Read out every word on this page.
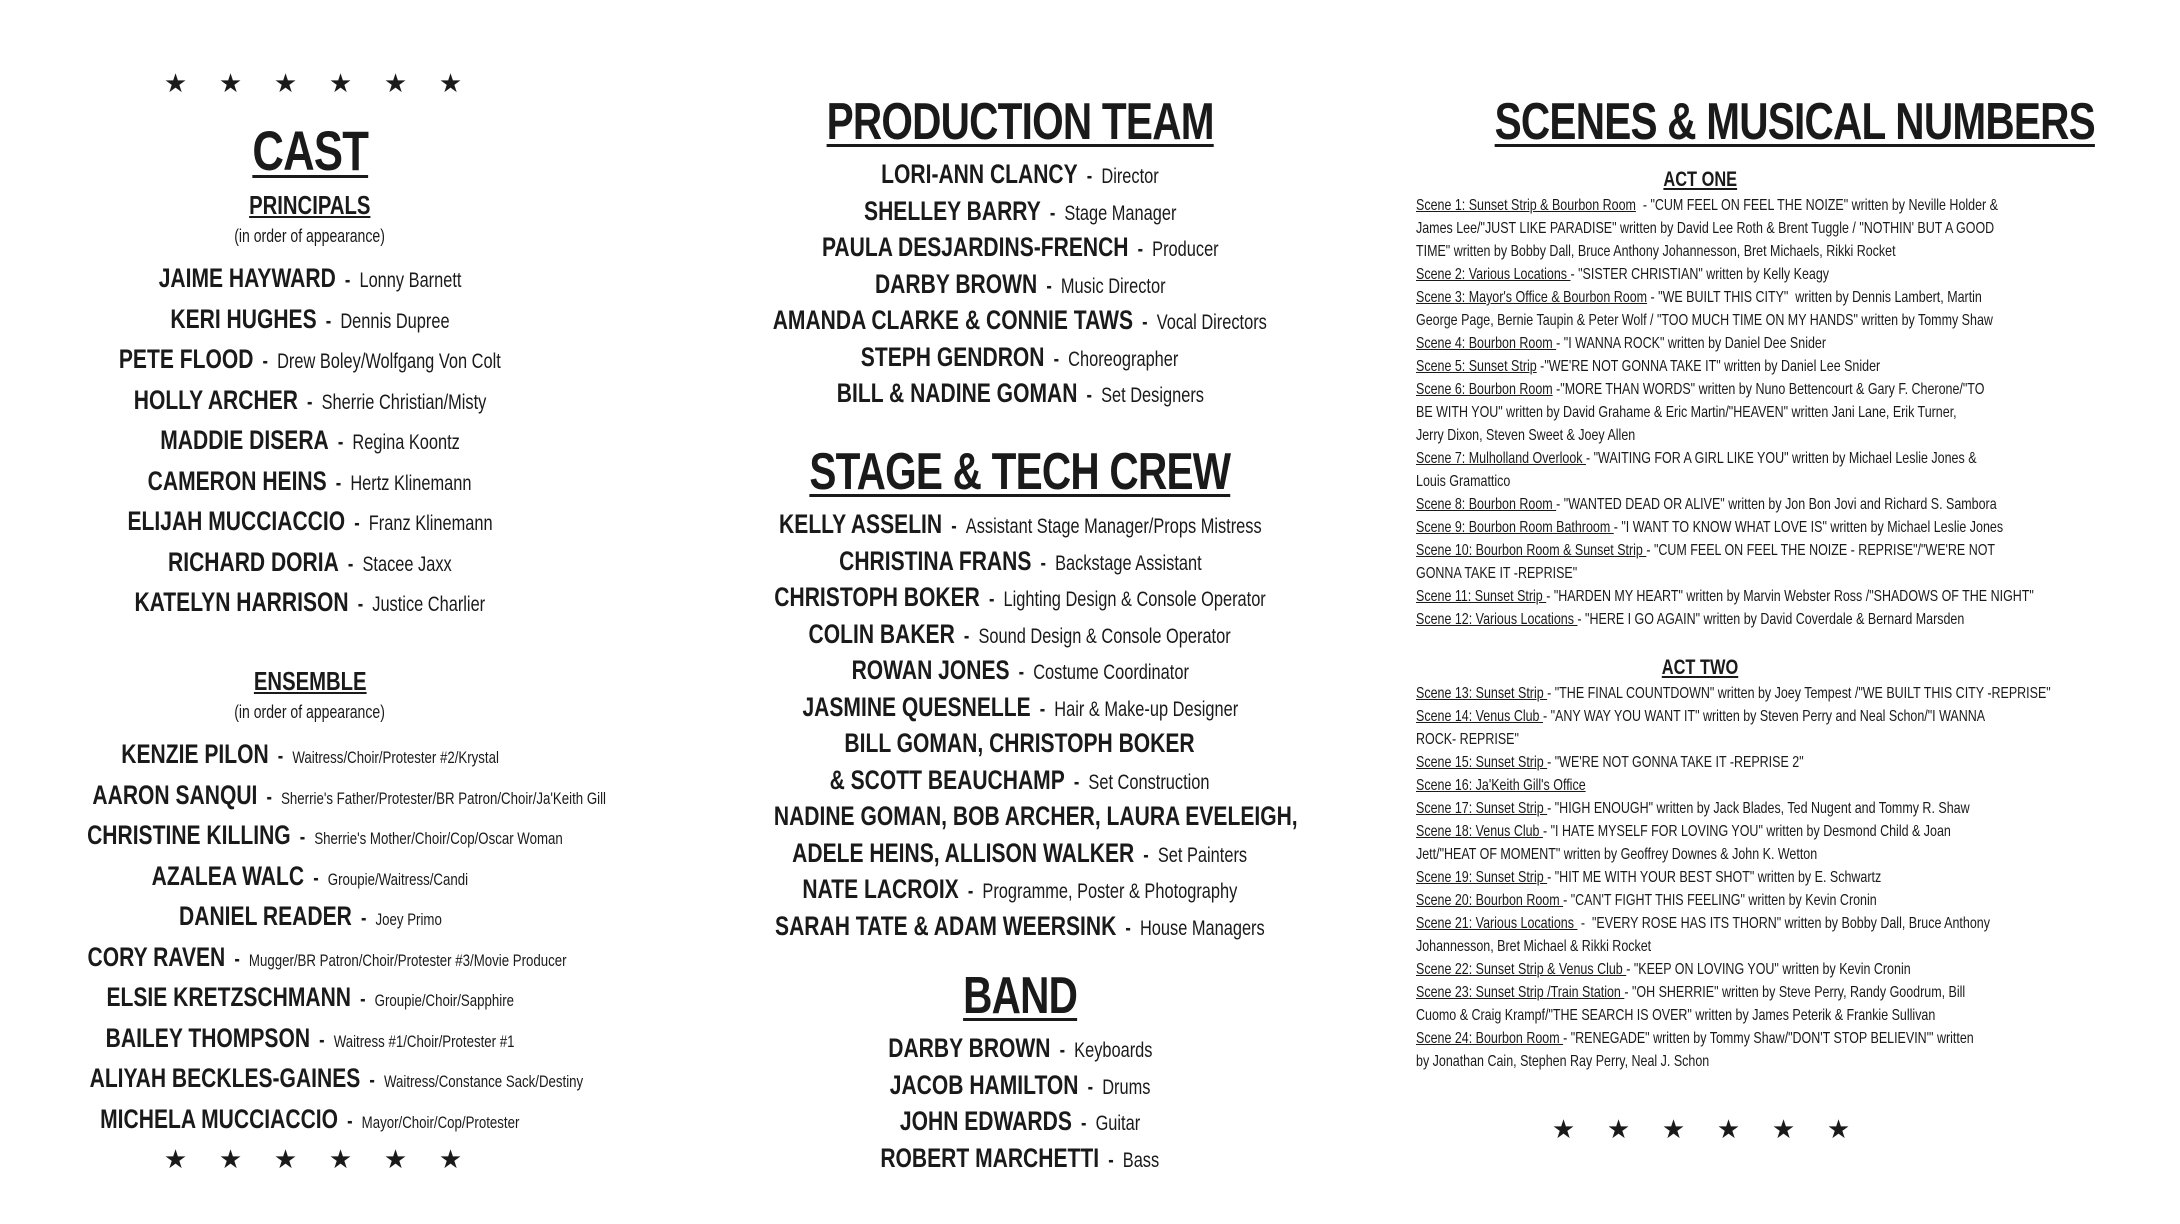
★	★	★	★	★	★
CAST
PRINCIPALS
(in order of appearance)
JAIME HAYWARD  -  Lonny Barnett
KERI HUGHES  -  Dennis Dupree
PETE FLOOD  -  Drew Boley/Wolfgang Von Colt
HOLLY ARCHER  -  Sherrie Christian/Misty
MADDIE DISERA  -  Regina Koontz
CAMERON HEINS  -  Hertz Klinemann
ELIJAH MUCCIACCIO  -  Franz Klinemann
RICHARD DORIA  -  Stacee Jaxx
KATELYN HARRISON  -  Justice Charlier
ENSEMBLE
(in order of appearance)
KENZIE PILON  -  Waitress/Choir/Protester #2/Krystal
AARON SANQUI  -  Sherrie's Father/Protester/BR Patron/Choir/Ja'Keith Gill
CHRISTINE KILLING  -  Sherrie's Mother/Choir/Cop/Oscar Woman
AZALEA WALC  -  Groupie/Waitress/Candi
DANIEL READER  -  Joey Primo
CORY RAVEN  -  Mugger/BR Patron/Choir/Protester #3/Movie Producer
ELSIE KRETZSCHMANN  -  Groupie/Choir/Sapphire
BAILEY THOMPSON  -  Waitress #1/Choir/Protester #1
ALIYAH BECKLES-GAINES  -  Waitress/Constance Sack/Destiny
MICHELA MUCCIACCIO  -  Mayor/Choir/Cop/Protester
★	★	★	★	★	★
PRODUCTION TEAM
LORI-ANN CLANCY  -  Director
SHELLEY BARRY  -  Stage Manager
PAULA DESJARDINS-FRENCH  -  Producer
DARBY BROWN  -  Music Director
AMANDA CLARKE & CONNIE TAWS  -  Vocal Directors
STEPH GENDRON  -  Choreographer
BILL & NADINE GOMAN  -  Set Designers
STAGE & TECH CREW
KELLY ASSELIN  -  Assistant Stage Manager/Props Mistress
CHRISTINA FRANS  -  Backstage Assistant
CHRISTOPH BOKER  -  Lighting Design & Console Operator
COLIN BAKER  -  Sound Design & Console Operator
ROWAN JONES  -  Costume Coordinator
JASMINE QUESNELLE  -  Hair & Make-up Designer
BILL GOMAN, CHRISTOPH BOKER
& SCOTT BEAUCHAMP  -  Set Construction
NADINE GOMAN, BOB ARCHER, LAURA EVELEIGH,
ADELE HEINS, ALLISON WALKER  -  Set Painters
NATE LACROIX  -  Programme, Poster & Photography
SARAH TATE & ADAM WEERSINK  -  House Managers
BAND
DARBY BROWN  -  Keyboards
JACOB HAMILTON  -  Drums
JOHN EDWARDS  -  Guitar
ROBERT MARCHETTI  -  Bass
SCENES & MUSICAL NUMBERS
ACT ONE
Scene 1: Sunset Strip & Bourbon Room  - "CUM FEEL ON FEEL THE NOIZE" written by Neville Holder &
James Lee/"JUST LIKE PARADISE" written by David Lee Roth & Brent Tuggle / "NOTHIN' BUT A GOOD
TIME" written by Bobby Dall, Bruce Anthony Johannesson, Bret Michaels, Rikki Rocket
Scene 2: Various Locations - "SISTER CHRISTIAN" written by Kelly Keagy
Scene 3: Mayor's Office & Bourbon Room - "WE BUILT THIS CITY"  written by Dennis Lambert, Martin
George Page, Bernie Taupin & Peter Wolf / "TOO MUCH TIME ON MY HANDS" written by Tommy Shaw
Scene 4: Bourbon Room - "I WANNA ROCK" written by Daniel Dee Snider
Scene 5: Sunset Strip -"WE'RE NOT GONNA TAKE IT" written by Daniel Lee Snider
Scene 6: Bourbon Room -"MORE THAN WORDS" written by Nuno Bettencourt & Gary F. Cherone/"TO
BE WITH YOU" written by David Grahame & Eric Martin/"HEAVEN" written Jani Lane, Erik Turner,
Jerry Dixon, Steven Sweet & Joey Allen
Scene 7: Mulholland Overlook - "WAITING FOR A GIRL LIKE YOU" written by Michael Leslie Jones &
Louis Gramattico
Scene 8: Bourbon Room - "WANTED DEAD OR ALIVE" written by Jon Bon Jovi and Richard S. Sambora
Scene 9: Bourbon Room Bathroom - "I WANT TO KNOW WHAT LOVE IS" written by Michael Leslie Jones
Scene 10: Bourbon Room & Sunset Strip - "CUM FEEL ON FEEL THE NOIZE - REPRISE"/"WE'RE NOT
GONNA TAKE IT -REPRISE"
Scene 11: Sunset Strip - "HARDEN MY HEART" written by Marvin Webster Ross /"SHADOWS OF THE NIGHT"
Scene 12: Various Locations - "HERE I GO AGAIN" written by David Coverdale & Bernard Marsden
ACT TWO
Scene 13: Sunset Strip - "THE FINAL COUNTDOWN" written by Joey Tempest /"WE BUILT THIS CITY -REPRISE"
Scene 14: Venus Club - "ANY WAY YOU WANT IT" written by Steven Perry and Neal Schon/"I WANNA
ROCK- REPRISE"
Scene 15: Sunset Strip - "WE'RE NOT GONNA TAKE IT -REPRISE 2"
Scene 16: Ja'Keith Gill's Office
Scene 17: Sunset Strip - "HIGH ENOUGH" written by Jack Blades, Ted Nugent and Tommy R. Shaw
Scene 18: Venus Club - "I HATE MYSELF FOR LOVING YOU" written by Desmond Child & Joan
Jett/"HEAT OF MOMENT" written by Geoffrey Downes & John K. Wetton
Scene 19: Sunset Strip - "HIT ME WITH YOUR BEST SHOT" written by E. Schwartz
Scene 20: Bourbon Room - "CAN'T FIGHT THIS FEELING" written by Kevin Cronin
Scene 21: Various Locations  -  "EVERY ROSE HAS ITS THORN" written by Bobby Dall, Bruce Anthony
Johannesson, Bret Michael & Rikki Rocket
Scene 22: Sunset Strip & Venus Club - "KEEP ON LOVING YOU" written by Kevin Cronin
Scene 23: Sunset Strip /Train Station - "OH SHERRIE" written by Steve Perry, Randy Goodrum, Bill
Cuomo & Craig Krampf/"THE SEARCH IS OVER" written by James Peterik & Frankie Sullivan
Scene 24: Bourbon Room - "RENEGADE" written by Tommy Shaw/"DON'T STOP BELIEVIN'" written
by Jonathan Cain, Stephen Ray Perry, Neal J. Schon
★	★	★	★	★	★
